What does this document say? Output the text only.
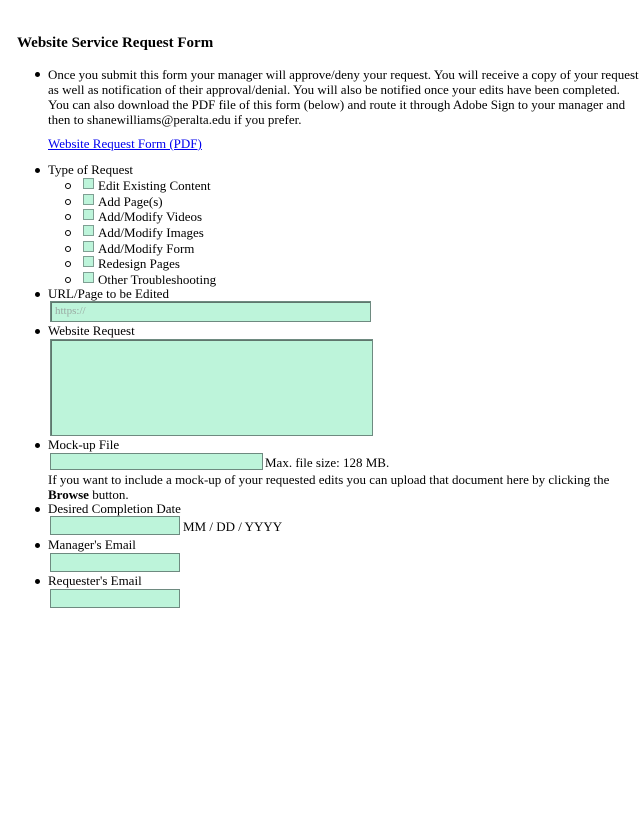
Website Service Request Form
Once you submit this form your manager will approve/deny your request. You will receive a copy of your request
as well as notification of their approval/denial. You will also be notified once your edits have been completed.
You can also download the PDF file of this form (below) and route it through Adobe Sign to your manager and
then to shanewilliams@peralta.edu if you prefer.
Website Request Form (PDF)
Type of Request
Edit Existing Content
Add Page(s)
Add/Modify Videos
Add/Modify Images
Add/Modify Form
Redesign Pages
Other Troubleshooting
URL/Page to be Edited
https://
Website Request
Mock-up File
Max. file size: 128 MB.
If you want to include a mock-up of your requested edits you can upload that document here by clicking the
Browse button.
Desired Completion Date
MM / DD / YYYY
Manager's Email
Requester's Email
